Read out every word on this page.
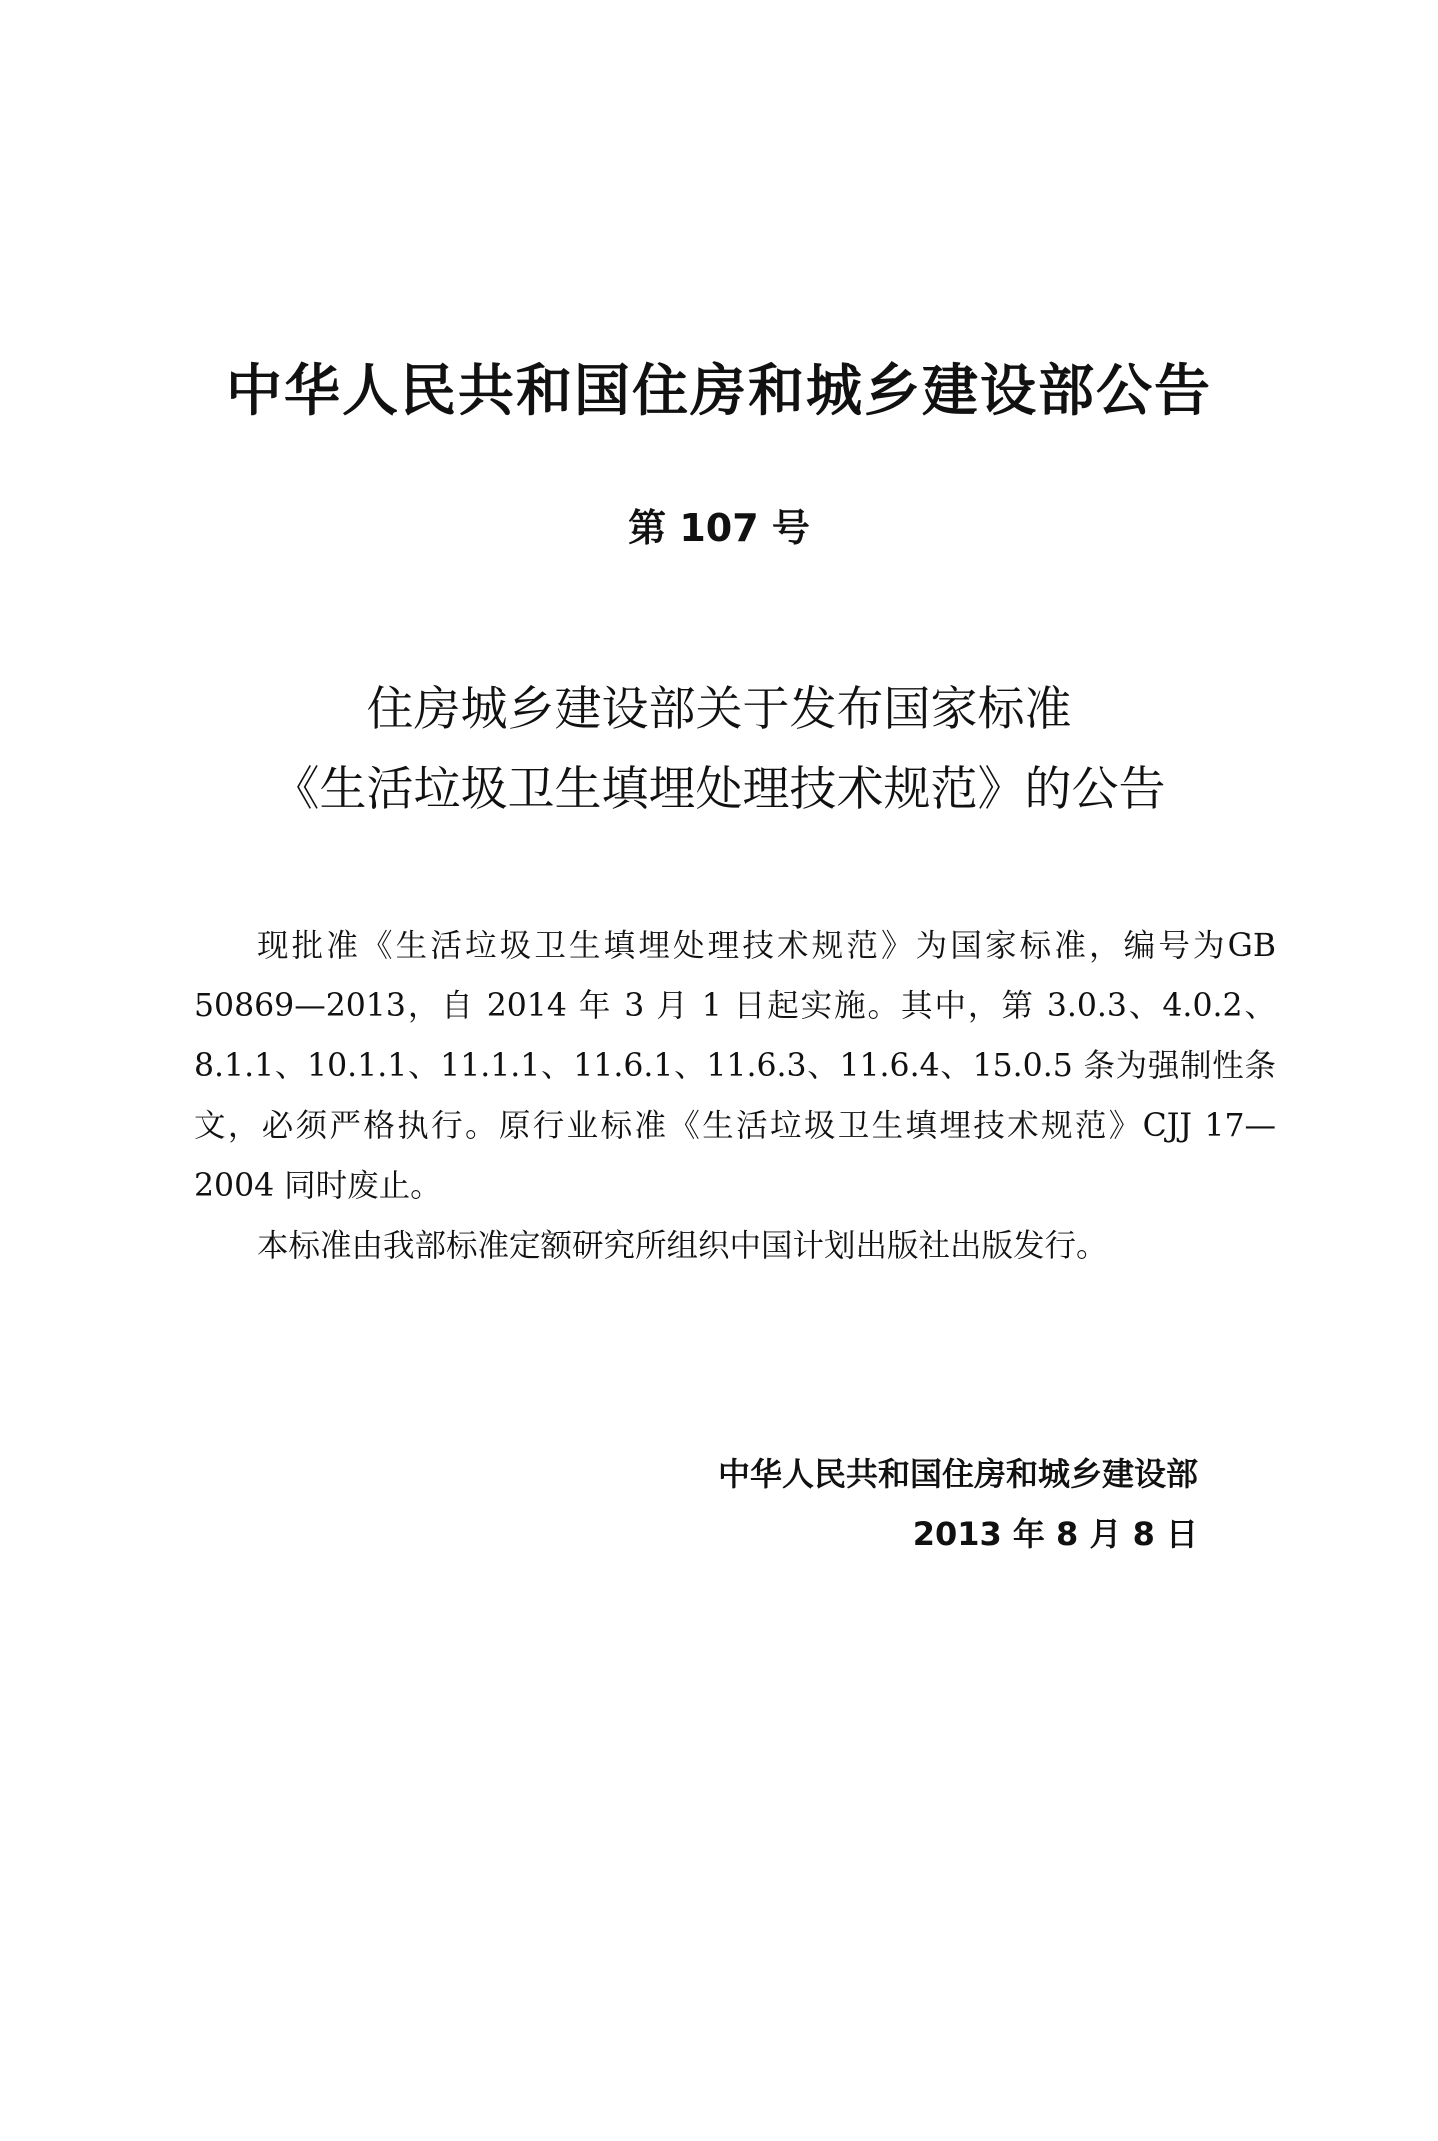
中华人民共和国住房和城乡建设部公告
第 107 号
住房城乡建设部关于发布国家标准
《生活垃圾卫生填埋处理技术规范》的公告

现批准《生活垃圾卫生填埋处理技术规范》为国家标准，编号为GB 50869—2013，自 2014 年 3 月 1 日起实施。其中，第 3.0.3、4.0.2、8.1.1、10.1.1、11.1.1、11.6.1、11.6.3、11.6.4、15.0.5 条为强制性条文，必须严格执行。原行业标准《生活垃圾卫生填埋技术规范》CJJ 17—2004 同时废止。

本标准由我部标准定额研究所组织中国计划出版社出版发行。

中华人民共和国住房和城乡建设部
2013 年 8 月 8 日
